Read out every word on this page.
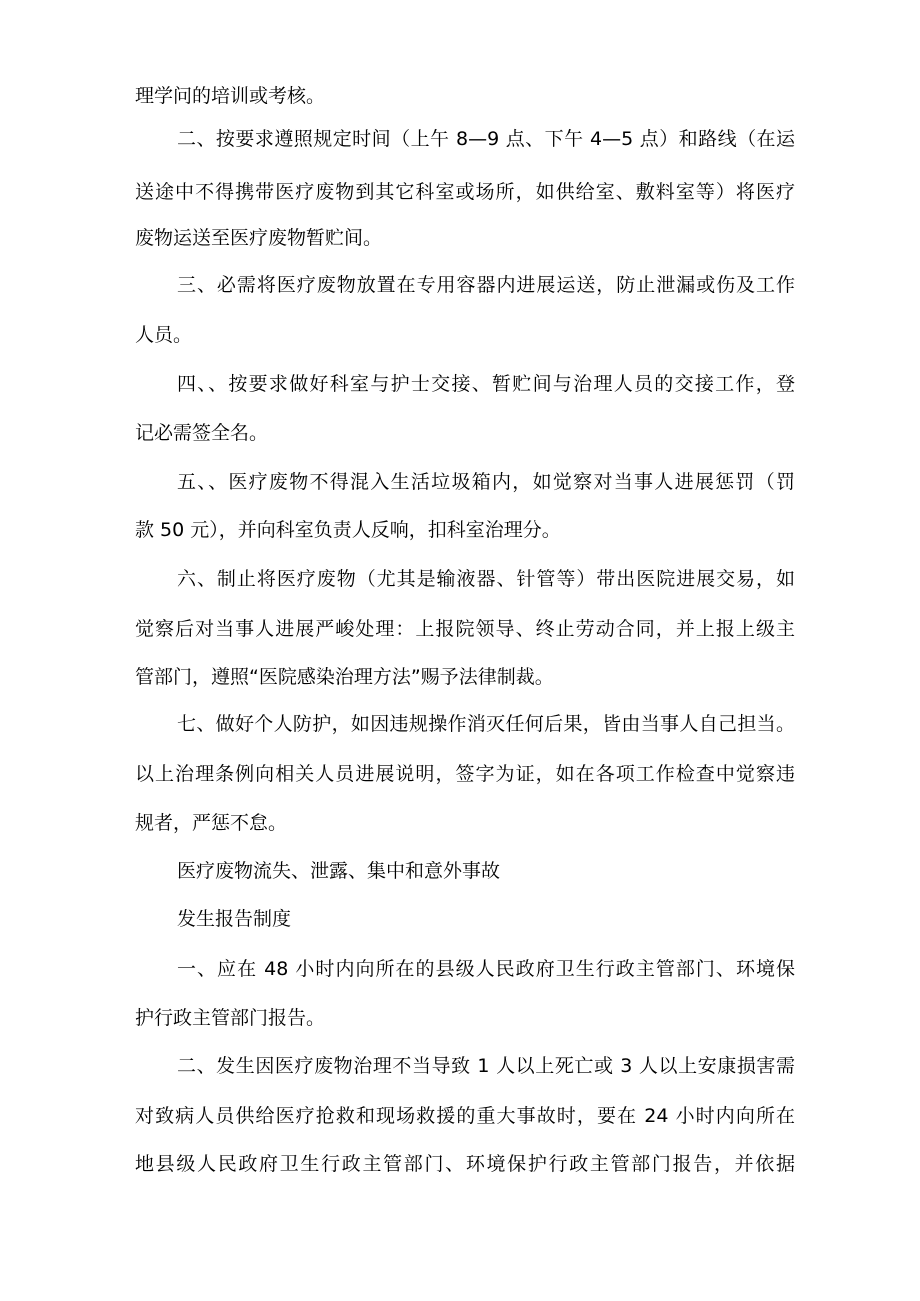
理学问的培训或考核。
二、按要求遵照规定时间（上午 8—9 点、下午 4—5 点）和路线（在运
送途中不得携带医疗废物到其它科室或场所，如供给室、敷料室等）将医疗
废物运送至医疗废物暂贮间。
三、必需将医疗废物放置在专用容器内进展运送，防止泄漏或伤及工作
人员。
四、、按要求做好科室与护士交接、暂贮间与治理人员的交接工作，登
记必需签全名。
五、、医疗废物不得混入生活垃圾箱内，如觉察对当事人进展惩罚（罚
款 50 元），并向科室负责人反响，扣科室治理分。
六、制止将医疗废物（尤其是输液器、针管等）带出医院进展交易，如
觉察后对当事人进展严峻处理：上报院领导、终止劳动合同，并上报上级主
管部门，遵照“医院感染治理方法”赐予法律制裁。
七、做好个人防护，如因违规操作消灭任何后果，皆由当事人自己担当。
以上治理条例向相关人员进展说明，签字为证，如在各项工作检查中觉察违
规者，严惩不怠。
医疗废物流失、泄露、集中和意外事故
发生报告制度
一、应在 48 小时内向所在的县级人民政府卫生行政主管部门、环境保
护行政主管部门报告。
二、发生因医疗废物治理不当导致 1 人以上死亡或 3 人以上安康损害需
对致病人员供给医疗抢救和现场救援的重大事故时，要在 24 小时内向所在
地县级人民政府卫生行政主管部门、环境保护行政主管部门报告，并依据
